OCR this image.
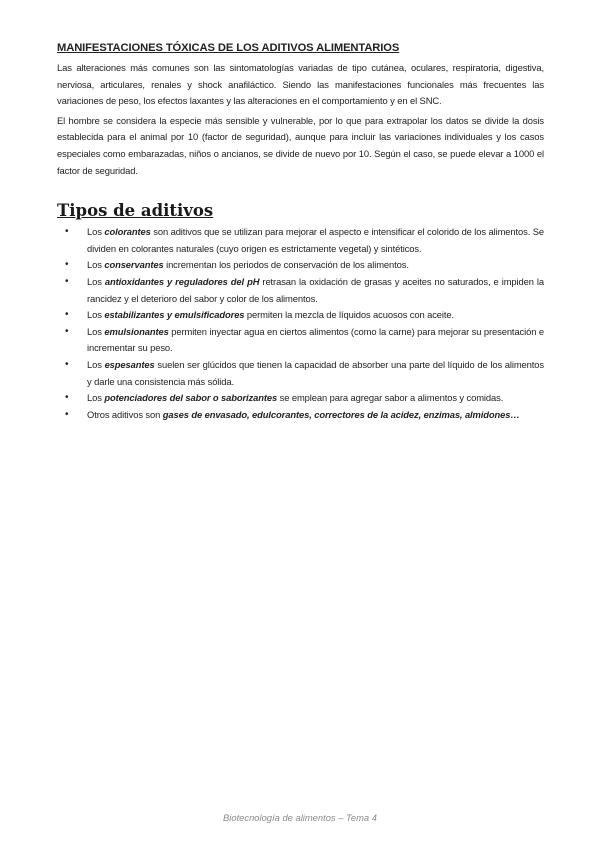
MANIFESTACIONES TÓXICAS DE LOS ADITIVOS ALIMENTARIOS

Las alteraciones más comunes son las sintomatologías variadas de tipo cutánea, oculares, respiratoria, digestiva, nerviosa, articulares, renales y shock anafiláctico. Siendo las manifestaciones funcionales más frecuentes las variaciones de peso, los efectos laxantes y las alteraciones en el comportamiento y en el SNC.

El hombre se considera la especie más sensible y vulnerable, por lo que para extrapolar los datos se divide la dosis establecida para el animal por 10 (factor de seguridad), aunque para incluir las variaciones individuales y los casos especiales como embarazadas, niños o ancianos, se divide de nuevo por 10. Según el caso, se puede elevar a 1000 el factor de seguridad.

Tipos de aditivos
• Los colorantes son aditivos que se utilizan para mejorar el aspecto e intensificar el colorido de los alimentos. Se dividen en colorantes naturales (cuyo origen es estrictamente vegetal) y sintéticos.
• Los conservantes incrementan los periodos de conservación de los alimentos.
• Los antioxidantes y reguladores del pH retrasan la oxidación de grasas y aceites no saturados, e impiden la rancidez y el deterioro del sabor y color de los alimentos.
• Los estabilizantes y emulsificadores permiten la mezcla de líquidos acuosos con aceite.
• Los emulsionantes permiten inyectar agua en ciertos alimentos (como la carne) para mejorar su presentación e incrementar su peso.
• Los espesantes suelen ser glúcidos que tienen la capacidad de absorber una parte del líquido de los alimentos y darle una consistencia más sólida.
• Los potenciadores del sabor o saborizantes se emplean para agregar sabor a alimentos y comidas.
• Otros aditivos son gases de envasado, edulcorantes, correctores de la acidez, enzimas, almidones…
Biotecnología de alimentos – Tema 4
